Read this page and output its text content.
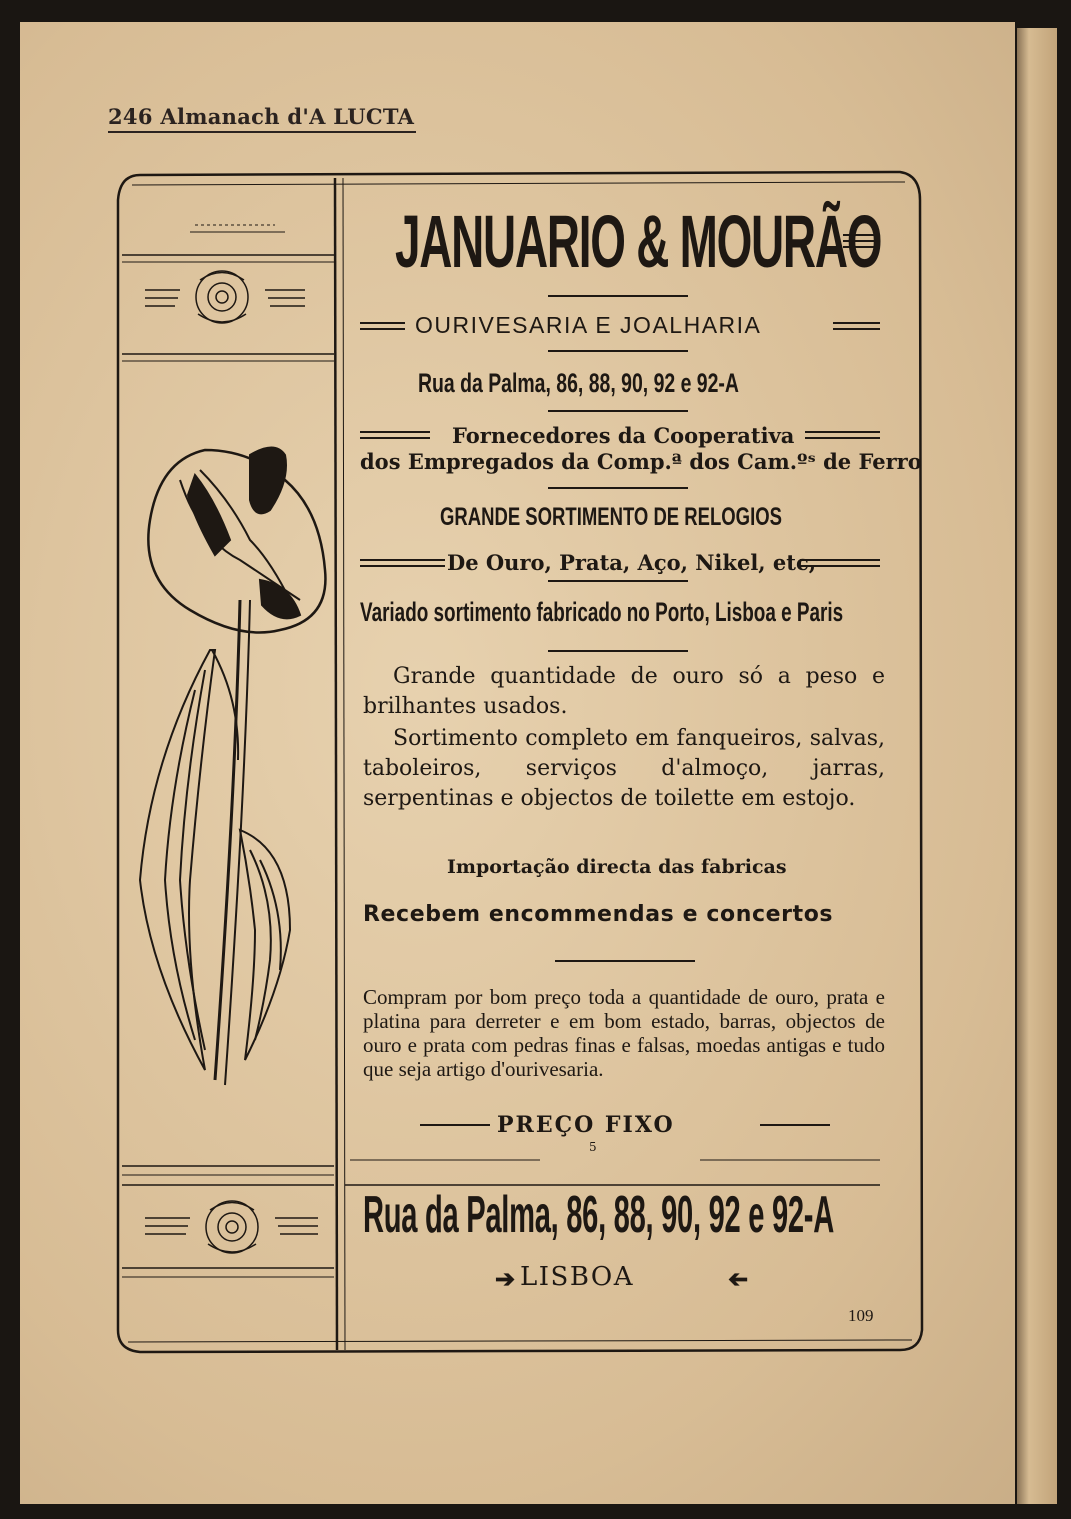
246 Almanach d'A LUCTA
JANUARIO & MOURÃO
OURIVESARIA E JOALHARIA
Rua da Palma, 86, 88, 90, 92 e 92-A
Fornecedores da Cooperativa
dos Empregados da Comp.ª dos Cam.ºˢ de Ferro
GRANDE SORTIMENTO DE RELOGIOS
De Ouro, Prata, Aço, Nikel, etc,
Variado sortimento fabricado no Porto, Lisboa e Paris
Grande quantidade de ouro só a peso e brilhantes usados.
Sortimento completo em fanqueiros, salvas, taboleiros, serviços d'almoço, jarras, serpentinas e objectos de toilette em estojo.
Importação directa das fabricas
Recebem encommendas e concertos
Compram por bom preço toda a quantidade de ouro, prata e platina para derreter e em bom estado, barras, objectos de ouro e prata com pedras finas e falsas, moedas antigas e tudo que seja artigo d'ourivesaria.
PREÇO FIXO
5
Rua da Palma, 86, 88, 90, 92 e 92-A
➔ LISBOA	➔
109
